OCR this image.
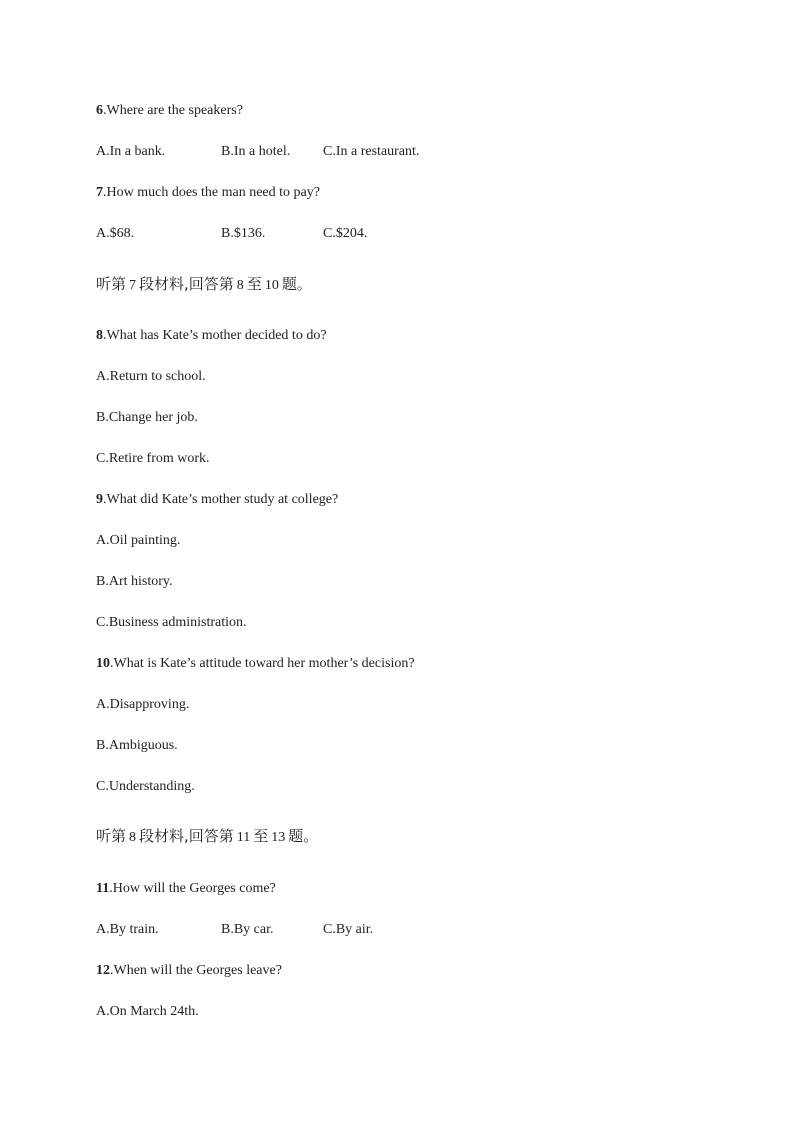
6.Where are the speakers?
A.In a bank.	B.In a hotel. C.In a restaurant.
7.How much does the man need to pay?
A.$68.	B.$136.	C.$204.
听第 7 段材料,回答第 8 至 10 题。
8.What has Kate’s mother decided to do?
A.Return to school.
B.Change her job.
C.Retire from work.
9.What did Kate’s mother study at college?
A.Oil painting.
B.Art history.
C.Business administration.
10.What is Kate’s attitude toward her mother’s decision?
A.Disapproving.
B.Ambiguous.
C.Understanding.
听第 8 段材料,回答第 11 至 13 题。
11.How will the Georges come?
A.By train.	B.By car.	C.By air.
12.When will the Georges leave?
A.On March 24th.
